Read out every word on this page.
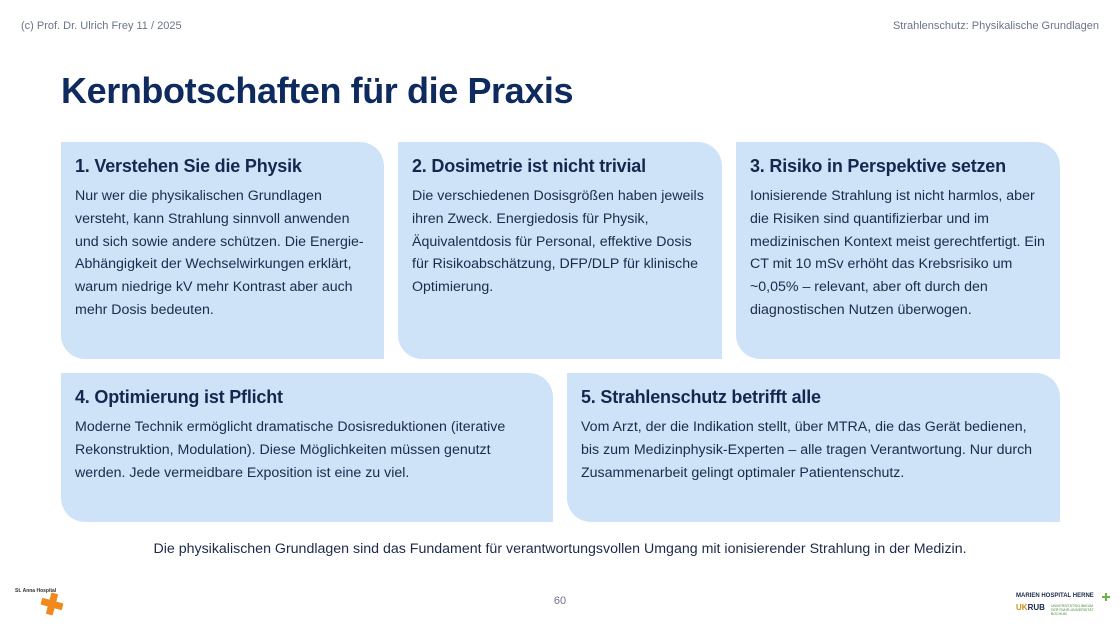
(c) Prof. Dr. Ulrich Frey 11 / 2025	Strahlenschutz: Physikalische Grundlagen
Kernbotschaften für die Praxis
1. Verstehen Sie die Physik

Nur wer die physikalischen Grundlagen versteht, kann Strahlung sinnvoll anwenden und sich sowie andere schützen. Die Energie-Abhängigkeit der Wechselwirkungen erklärt, warum niedrige kV mehr Kontrast aber auch mehr Dosis bedeuten.

2. Dosimetrie ist nicht trivial

Die verschiedenen Dosisgrößen haben jeweils ihren Zweck. Energiedosis für Physik, Äquivalentdosis für Personal, effektive Dosis für Risikoabschätzung, DFP/DLP für klinische Optimierung.

3. Risiko in Perspektive setzen

Ionisierende Strahlung ist nicht harmlos, aber die Risiken sind quantifizierbar und im medizinischen Kontext meist gerechtfertigt. Ein CT mit 10 mSv erhöht das Krebsrisiko um ~0,05% – relevant, aber oft durch den diagnostischen Nutzen überwogen.

4. Optimierung ist Pflicht

Moderne Technik ermöglicht dramatische Dosisreduktionen (iterative Rekonstruktion, Modulation). Diese Möglichkeiten müssen genutzt werden. Jede vermeidbare Exposition ist eine zu viel.

5. Strahlenschutz betrifft alle

Vom Arzt, der die Indikation stellt, über MTRA, die das Gerät bedienen, bis zum Medizinphysik-Experten – alle tragen Verantwortung. Nur durch Zusammenarbeit gelingt optimaler Patientenschutz.

Die physikalischen Grundlagen sind das Fundament für verantwortungsvollen Umgang mit ionisierender Strahlung in der Medizin.
60
St. Anna Hospital
MARIEN HOSPITAL HERNE
UKRUB UNIVERSITÄTSKLINIKUM DER RUHR-UNIVERSITÄT BOCHUM
